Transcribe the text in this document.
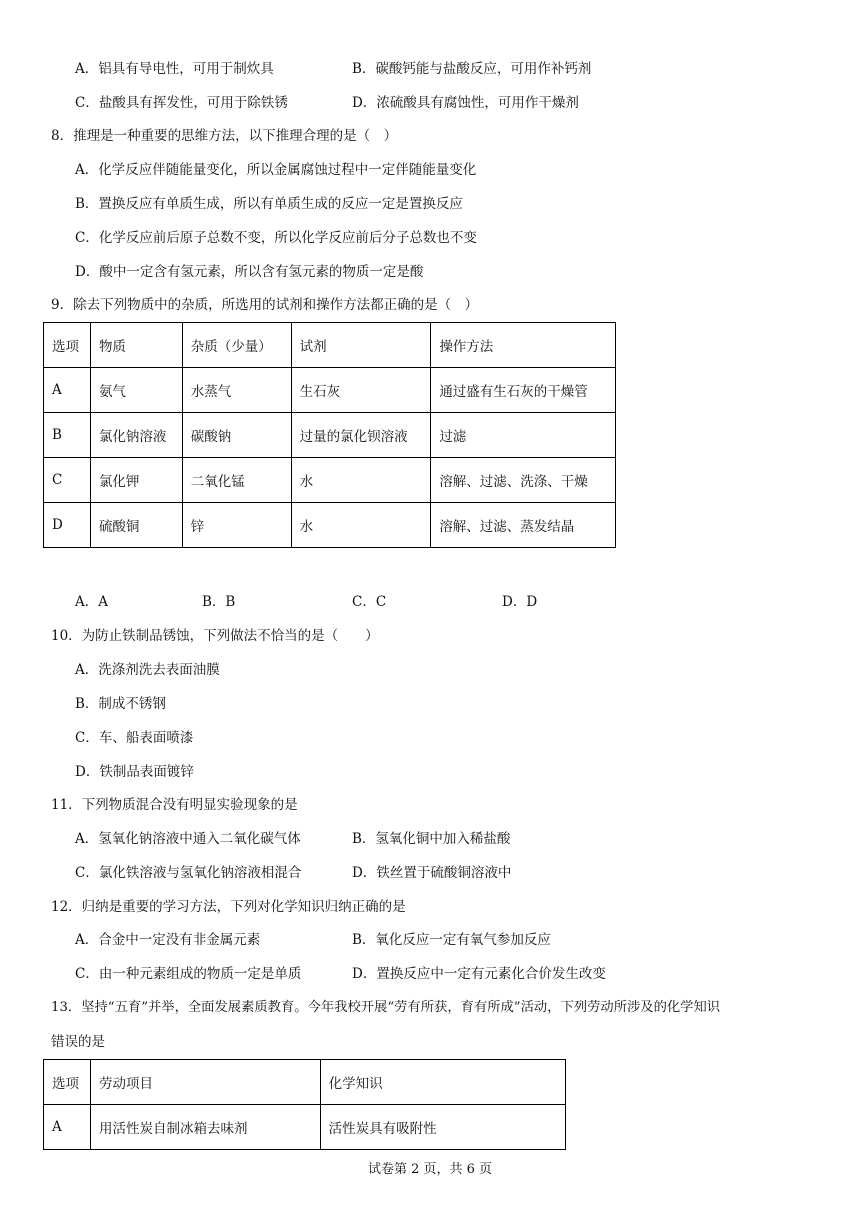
A．铝具有导电性，可用于制炊具	B．碳酸钙能与盐酸反应，可用作补钙剂
C．盐酸具有挥发性，可用于除铁锈	D．浓硫酸具有腐蚀性，可用作干燥剂
8．推理是一种重要的思维方法，以下推理合理的是（　）
A．化学反应伴随能量变化，所以金属腐蚀过程中一定伴随能量变化
B．置换反应有单质生成，所以有单质生成的反应一定是置换反应
C．化学反应前后原子总数不变，所以化学反应前后分子总数也不变
D．酸中一定含有氢元素，所以含有氢元素的物质一定是酸
9．除去下列物质中的杂质，所选用的试剂和操作方法都正确的是（　）
选项	物质	杂质（少量）	试剂	操作方法
A	氨气	水蒸气	生石灰	通过盛有生石灰的干燥管
B	氯化钠溶液	碳酸钠	过量的氯化钡溶液	过滤
C	氯化钾	二氧化锰	水	溶解、过滤、洗涤、干燥
D	硫酸铜	锌	水	溶解、过滤、蒸发结晶
A．A	B．B	C．C	D．D
10．为防止铁制品锈蚀，下列做法不恰当的是（　　）
A．洗涤剂洗去表面油膜
B．制成不锈钢
C．车、船表面喷漆
D．铁制品表面镀锌
11．下列物质混合没有明显实验现象的是
A．氢氧化钠溶液中通入二氧化碳气体	B．氢氧化铜中加入稀盐酸
C．氯化铁溶液与氢氧化钠溶液相混合	D．铁丝置于硫酸铜溶液中
12．归纳是重要的学习方法，下列对化学知识归纳正确的是
A．合金中一定没有非金属元素	B．氧化反应一定有氧气参加反应
C．由一种元素组成的物质一定是单质	D．置换反应中一定有元素化合价发生改变
13．坚持“五育”并举，全面发展素质教育。今年我校开展“劳有所获，育有所成”活动，下列劳动所涉及的化学知识
错误的是
选项	劳动项目	化学知识
A	用活性炭自制冰箱去味剂	活性炭具有吸附性
试卷第 2 页，共 6 页
